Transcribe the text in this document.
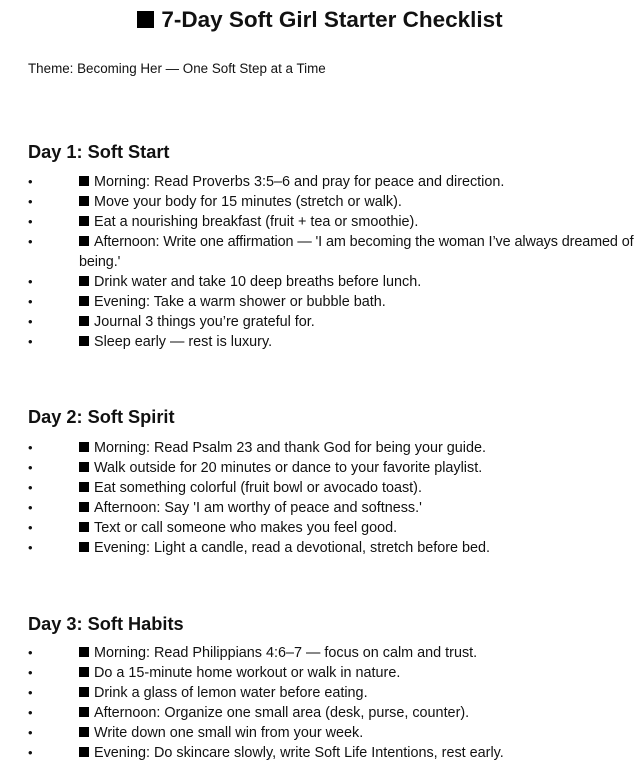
7-Day Soft Girl Starter Checklist
Theme: Becoming Her — One Soft Step at a Time
Day 1: Soft Start
•	Morning: Read Proverbs 3:5–6 and pray for peace and direction.
•	Move your body for 15 minutes (stretch or walk).
•	Eat a nourishing breakfast (fruit + tea or smoothie).
•	Afternoon: Write one affirmation — 'I am becoming the woman I’ve always dreamed of being.'
•	Drink water and take 10 deep breaths before lunch.
•	Evening: Take a warm shower or bubble bath.
•	Journal 3 things you’re grateful for.
•	Sleep early — rest is luxury.
Day 2: Soft Spirit
•	Morning: Read Psalm 23 and thank God for being your guide.
•	Walk outside for 20 minutes or dance to your favorite playlist.
•	Eat something colorful (fruit bowl or avocado toast).
•	Afternoon: Say 'I am worthy of peace and softness.'
•	Text or call someone who makes you feel good.
•	Evening: Light a candle, read a devotional, stretch before bed.
Day 3: Soft Habits
•	Morning: Read Philippians 4:6–7 — focus on calm and trust.
•	Do a 15-minute home workout or walk in nature.
•	Drink a glass of lemon water before eating.
•	Afternoon: Organize one small area (desk, purse, counter).
•	Write down one small win from your week.
•	Evening: Do skincare slowly, write Soft Life Intentions, rest early.
